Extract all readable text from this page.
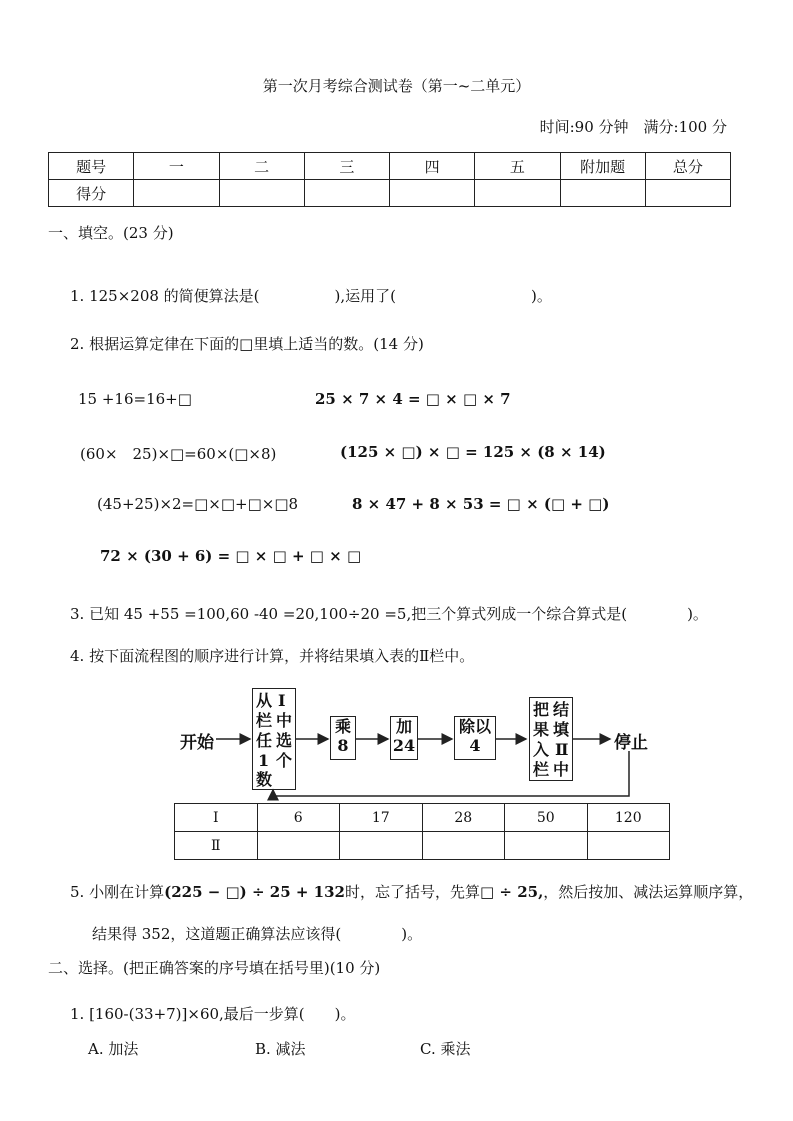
第一次月考综合测试卷（第一~二单元）
时间:90 分钟　满分:100 分
题号	一	二	三	四	五	附加题	总分
得分							
一、填空。(23 分)
1. 125×208 的简便算法是(　　　　　),运用了(　　　　　　　　　)。
2. 根据运算定律在下面的□里填上适当的数。(14 分)
15 +16=16+□	25 × 7 × 4 = □ × □ × 7
(60×　25)×□=60×(□×8)	(125 × □) × □ = 125 × (8 × 14)
(45+25)×2=□×□+□×□8	8 × 47 + 8 × 53 = □ × (□ + □)
72 × (30 + 6) = □ × □ + □ × □
3. 已知 45 +55 =100,60 -40 =20,100÷20 =5,把三个算式列成一个综合算式是(　　　　)。
4. 按下面流程图的顺序进行计算，并将结果填入表的Ⅱ栏中。
开始
从
栏
任
1
数
Ⅰ
中
选
个
乘
8
加
24
除以
4
把
果
入
栏
结
填
Ⅱ
中
停止
Ⅰ	6	17	28	50	120
Ⅱ					
5. 小刚在计算(225 − □) ÷ 25 + 132时，忘了括号，先算□ ÷ 25,，然后按加、减法运算顺序算，
结果得 352，这道题正确算法应该得(　　　　)。
二、选择。(把正确答案的序号填在括号里)(10 分)
1. [160-(33+7)]×60,最后一步算(　　)。
A. 加法	B. 减法	C. 乘法
